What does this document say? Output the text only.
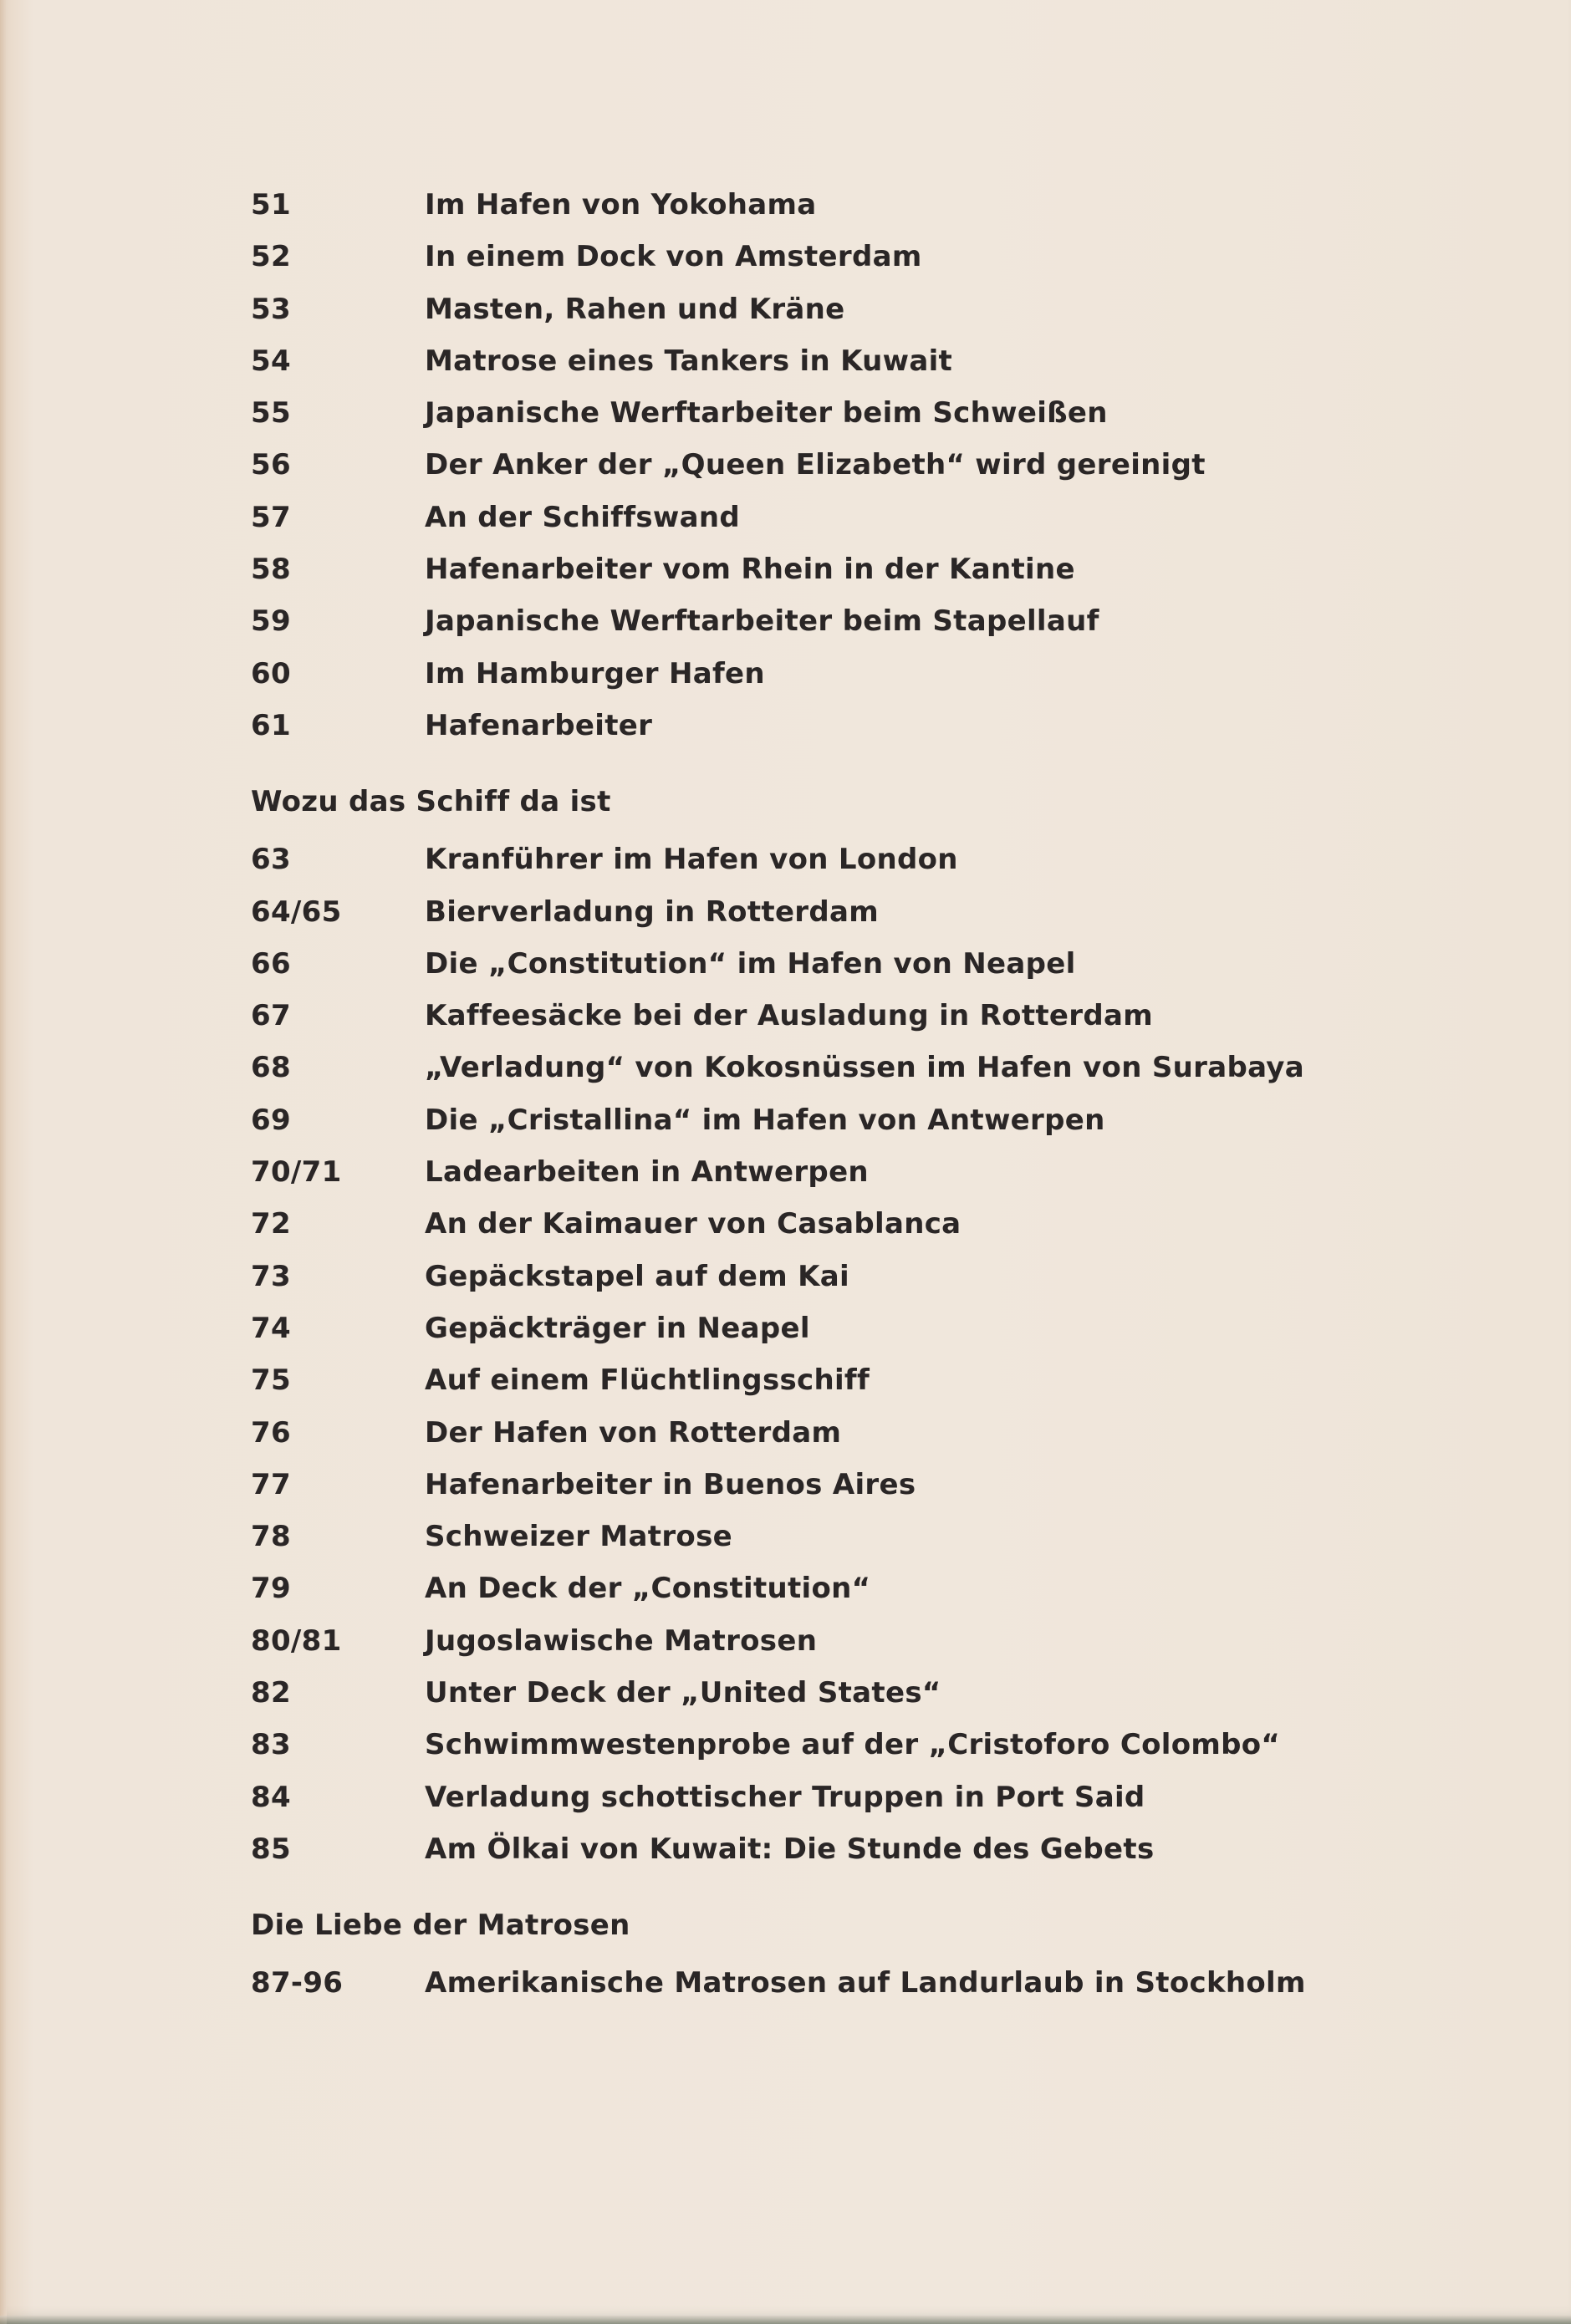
51	Im Hafen von Yokohama
52	In einem Dock von Amsterdam
53	Masten, Rahen und Kräne
54	Matrose eines Tankers in Kuwait
55	Japanische Werftarbeiter beim Schweißen
56	Der Anker der „Queen Elizabeth“ wird gereinigt
57	An der Schiffswand
58	Hafenarbeiter vom Rhein in der Kantine
59	Japanische Werftarbeiter beim Stapellauf
60	Im Hamburger Hafen
61	Hafenarbeiter
Wozu das Schiff da ist
63	Kranführer im Hafen von London
64/65	Bierverladung in Rotterdam
66	Die „Constitution“ im Hafen von Neapel
67	Kaffeesäcke bei der Ausladung in Rotterdam
68	„Verladung“ von Kokosnüssen im Hafen von Surabaya
69	Die „Cristallina“ im Hafen von Antwerpen
70/71	Ladearbeiten in Antwerpen
72	An der Kaimauer von Casablanca
73	Gepäckstapel auf dem Kai
74	Gepäckträger in Neapel
75	Auf einem Flüchtlingsschiff
76	Der Hafen von Rotterdam
77	Hafenarbeiter in Buenos Aires
78	Schweizer Matrose
79	An Deck der „Constitution“
80/81	Jugoslawische Matrosen
82	Unter Deck der „United States“
83	Schwimmwestenprobe auf der „Cristoforo Colombo“
84	Verladung schottischer Truppen in Port Said
85	Am Ölkai von Kuwait: Die Stunde des Gebets
Die Liebe der Matrosen
87-96	Amerikanische Matrosen auf Landurlaub in Stockholm
